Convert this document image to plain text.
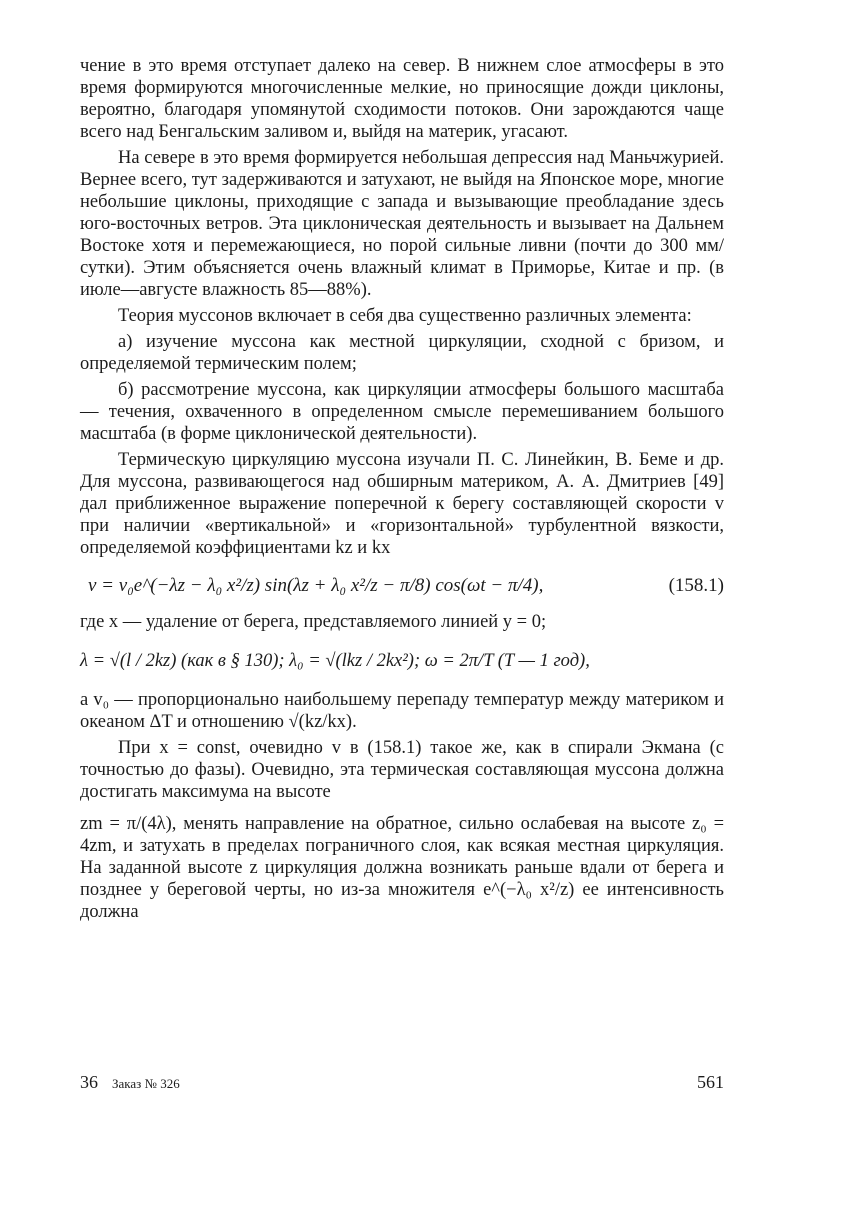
чение в это время отступает далеко на север. В нижнем слое атмосферы в это время формируются многочисленные мелкие, но приносящие дожди циклоны, вероятно, благодаря упомянутой сходимости потоков. Они зарождаются чаще всего над Бенгальским заливом и, выйдя на материк, угасают.

На севере в это время формируется небольшая депрессия над Маньчжурией. Вернее всего, тут задерживаются и затухают, не выйдя на Японское море, многие небольшие циклоны, приходящие с запада и вызывающие преобладание здесь юго-восточных ветров. Эта циклоническая деятельность и вызывает на Дальнем Востоке хотя и перемежающиеся, но порой сильные ливни (почти до 300 мм/сутки). Этим объясняется очень влажный климат в Приморье, Китае и пр. (в июле—августе влажность 85—88%).

Теория муссонов включает в себя два существенно различных элемента:

а) изучение муссона как местной циркуляции, сходной с бризом, и определяемой термическим полем;

б) рассмотрение муссона, как циркуляции атмосферы большого масштаба — течения, охваченного в определенном смысле перемешиванием большого масштаба (в форме циклонической деятельности).

Термическую циркуляцию муссона изучали П. С. Линейкин, В. Беме и др. Для муссона, развивающегося над обширным материком, А. А. Дмитриев [49] дал приближенное выражение поперечной к берегу составляющей скорости v при наличии «вертикальной» и «горизонтальной» турбулентной вязкости, определяемой коэффициентами kz и kx

v = v₀e^(−λz − λ₀ x²/z) sin(λz + λ₀ x²/z − π/8) cos(ωt − π/4),	(158.1)

где x — удаление от берега, представляемого линией y = 0;

λ = √(l / 2kz) (как в § 130); λ₀ = √(lkz / 2kx²); ω = 2π/T (T — 1 год),

а v₀ — пропорционально наибольшему перепаду температур между материком и океаном ΔT и отношению √(kz/kx).

При x = const, очевидно v в (158.1) такое же, как в спирали Экмана (с точностью до фазы). Очевидно, эта термическая составляющая муссона должна достигать максимума на высоте

zm = π/(4λ), менять направление на обратное, сильно ослабевая на высоте z₀ = 4zm, и затухать в пределах пограничного слоя, как всякая местная циркуляция. На заданной высоте z циркуляция должна возникать раньше вдали от берега и позднее у береговой черты, но из-за множителя e^(−λ₀ x²/z) ее интенсивность должна

36 Заказ № 326	561
